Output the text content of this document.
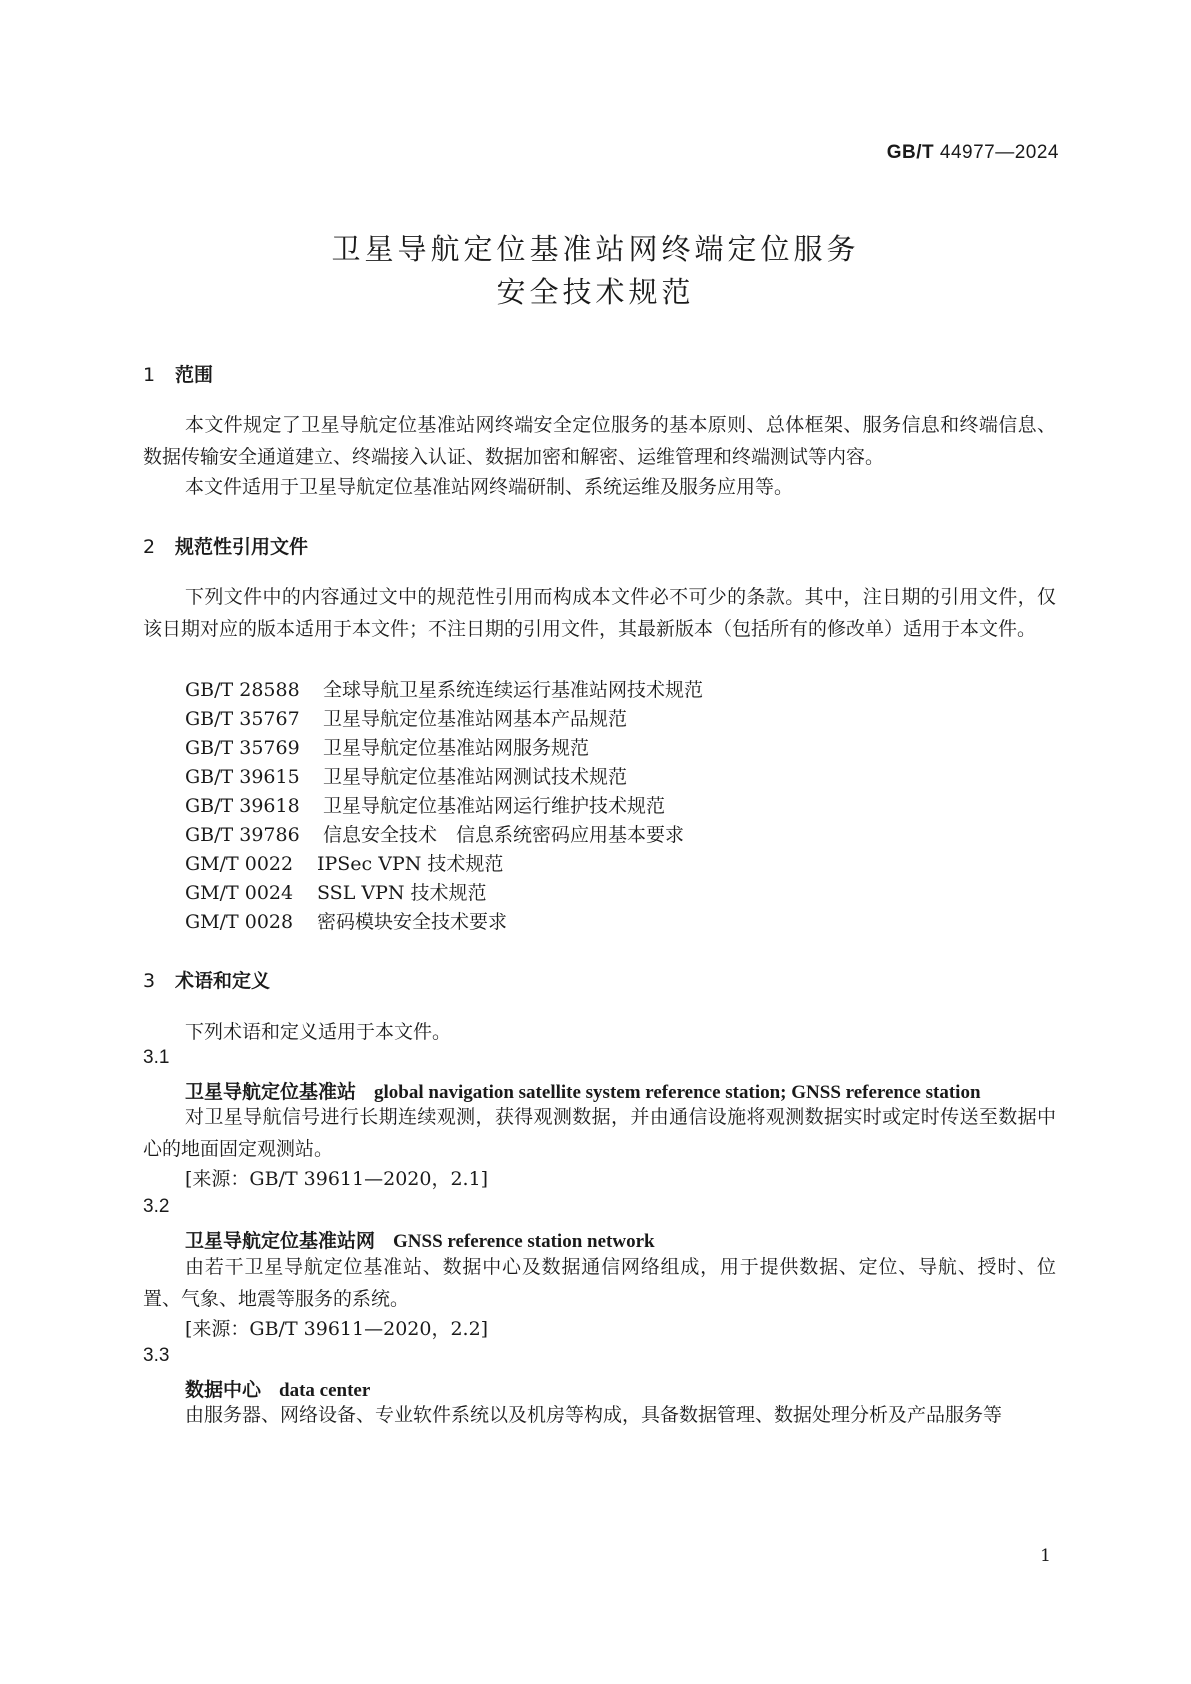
GB/T 44977—2024
卫星导航定位基准站网终端定位服务
安全技术规范
1 范围
本文件规定了卫星导航定位基准站网终端安全定位服务的基本原则、总体框架、服务信息和终端信息、数据传输安全通道建立、终端接入认证、数据加密和解密、运维管理和终端测试等内容。
本文件适用于卫星导航定位基准站网终端研制、系统运维及服务应用等。
2 规范性引用文件
下列文件中的内容通过文中的规范性引用而构成本文件必不可少的条款。其中，注日期的引用文件，仅该日期对应的版本适用于本文件；不注日期的引用文件，其最新版本（包括所有的修改单）适用于本文件。
GB/T 28588 全球导航卫星系统连续运行基准站网技术规范
GB/T 35767 卫星导航定位基准站网基本产品规范
GB/T 35769 卫星导航定位基准站网服务规范
GB/T 39615 卫星导航定位基准站网测试技术规范
GB/T 39618 卫星导航定位基准站网运行维护技术规范
GB/T 39786 信息安全技术　信息系统密码应用基本要求
GM/T 0022 IPSec VPN 技术规范
GM/T 0024 SSL VPN 技术规范
GM/T 0028 密码模块安全技术要求
3 术语和定义
下列术语和定义适用于本文件。
3.1
卫星导航定位基准站 global navigation satellite system reference station; GNSS reference station
对卫星导航信号进行长期连续观测，获得观测数据，并由通信设施将观测数据实时或定时传送至数据中心的地面固定观测站。
[来源：GB/T 39611—2020，2.1]
3.2
卫星导航定位基准站网 GNSS reference station network
由若干卫星导航定位基准站、数据中心及数据通信网络组成，用于提供数据、定位、导航、授时、位置、气象、地震等服务的系统。
[来源：GB/T 39611—2020，2.2]
3.3
数据中心 data center
由服务器、网络设备、专业软件系统以及机房等构成，具备数据管理、数据处理分析及产品服务等
1
